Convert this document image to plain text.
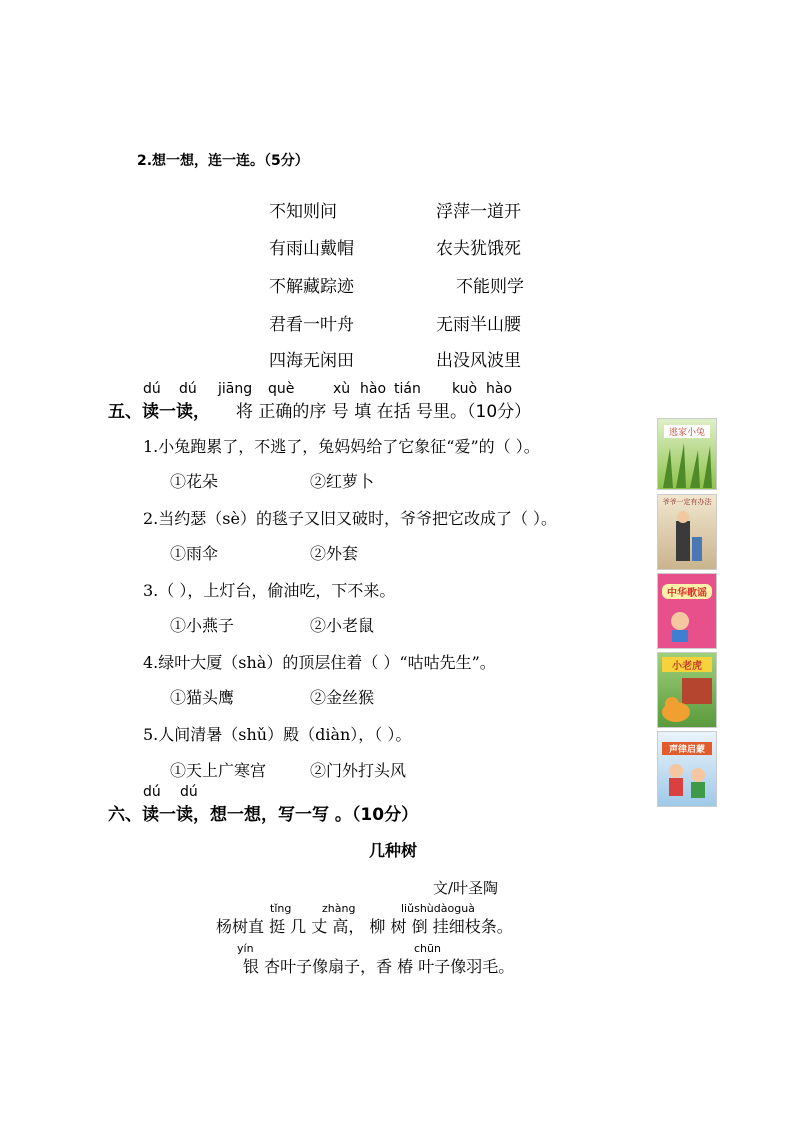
2.想一想，连一连。（5分）
不知则问
有雨山戴帽
不解藏踪迹
君看一叶舟
四海无闲田
浮萍一道开
农夫犹饿死
不能则学
无雨半山腰
出没风波里
dú dú jiāng què	xù hào tián kuò hào
五、读一读， 将 正确的序 号 填 在括 号里。（10分）
1.小兔跑累了，不逃了，兔妈妈给了它象征“爱”的（ ）。
①花朵	②红萝卜
2.当约瑟（sè）的毯子又旧又破时，爷爷把它改成了（ ）。
①雨伞	②外套
3.（ ），上灯台，偷油吃，下不来。
①小燕子	②小老鼠
4.绿叶大厦（shà）的顶层住着（ ）“咕咕先生”。
①猫头鹰	②金丝猴
5.人间清暑（shǔ）殿（diàn），（ ）。
①天上广寒宫	②门外打头风
逃家小兔
爷爷一定有办法
中华歌谣
小老虎
声律启蒙
dú dú
六、读一读，想一想，写一写 。（10分）
几种树
文/叶圣陶
tǐng	zhàng	liǔshùdàoguà
杨树直 挺 几 丈 高， 柳 树 倒 挂细枝条。
yín	chūn
银 杏叶子像扇子，香 椿 叶子像羽毛。
